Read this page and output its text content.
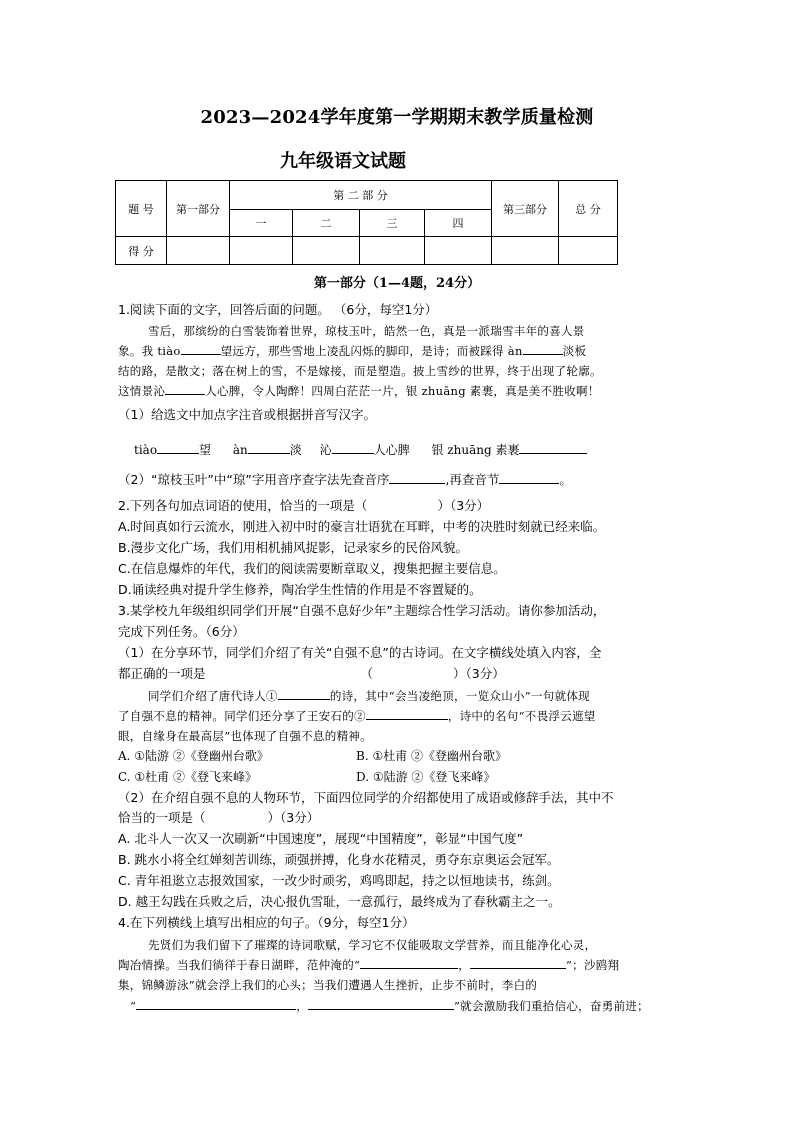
2023—2024学年度第一学期期末教学质量检测
九年级语文试题
题 号	第一部分	第 二 部 分				第三部分	总 分
		一	二	三	四		
得 分							
第一部分（1—4题，24分）
1.阅读下面的文字，回答后面的问题。 （6分，每空1分）
雪后，那缤纷的白雪装饰着世界，琼枝玉叶，皓然一色，真是一派瑞雪丰年的喜人景
象。我 tiào	望远方，那些雪地上凌乱闪烁的脚印，是诗；而被踩得 àn	淡板
结的路，是散文；落在树上的雪，不是嫁接，而是塑造。披上雪纱的世界，终于出现了轮廓。
这情景沁	人心脾，令人陶醉！四周白茫茫一片，银 zhuāng 素裹，真是美不胜收啊！
（1）给选文中加点字注音或根据拼音写汉字。
tiào	望 àn	淡 沁	人心脾 银 zhuāng 素裹
（2）“琼枝玉叶”中“琼”字用音序查字法先查音序	,再查音节	。
2.下列各句加点词语的使用，恰当的一项是（	）（3分）
A.时间真如行云流水，刚进入初中时的豪言壮语犹在耳畔，中考的决胜时刻就已经来临。
B.漫步文化广场，我们用相机捕风捉影，记录家乡的民俗风貌。
C.在信息爆炸的年代，我们的阅读需要断章取义，搜集把握主要信息。
D.诵读经典对提升学生修养，陶冶学生性情的作用是不容置疑的。
3.某学校九年级组织同学们开展“自强不息好少年”主题综合性学习活动。请你参加活动，
完成下列任务。（6分）
（1）在分享环节，同学们介绍了有关“自强不息”的古诗词。在文字横线处填入内容，全
都正确的一项是	（	）（3分）
同学们介绍了唐代诗人①	的诗，其中“会当凌绝顶，一览众山小”一句就体现
了自强不息的精神。同学们还分享了王安石的②	，诗中的名句“不畏浮云遮望
眼，自缘身在最高层”也体现了自强不息的精神。
A. ①陆游 ②《登幽州台歌》	B. ①杜甫 ②《登幽州台歌》
C. ①杜甫 ②《登飞来峰》	D. ①陆游 ②《登飞来峰》
（2）在介绍自强不息的人物环节，下面四位同学的介绍都使用了成语或修辞手法，其中不
恰当的一项是（	）（3分）
A. 北斗人一次又一次刷新“中国速度”，展现“中国精度”，彰显“中国气度”
B. 跳水小将全红婵刻苦训练，顽强拼搏，化身水花精灵，勇夺东京奥运会冠军。
C. 青年祖逖立志报效国家，一改少时顽劣，鸡鸣即起，持之以恒地读书，练剑。
D. 越王勾践在兵败之后，决心报仇雪耻，一意孤行，最终成为了春秋霸主之一。
4.在下列横线上填写出相应的句子。（9分，每空1分）
先贤们为我们留下了璀璨的诗词歌赋，学习它不仅能吸取文学营养，而且能净化心灵，
陶冶情操。当我们徜徉于春日湖畔，范仲淹的“	，	”；沙鸥翔
集，锦鳞游泳”就会浮上我们的心头；当我们遭遇人生挫折，止步不前时，李白的
“	，	”就会激励我们重拾信心，奋勇前进；
